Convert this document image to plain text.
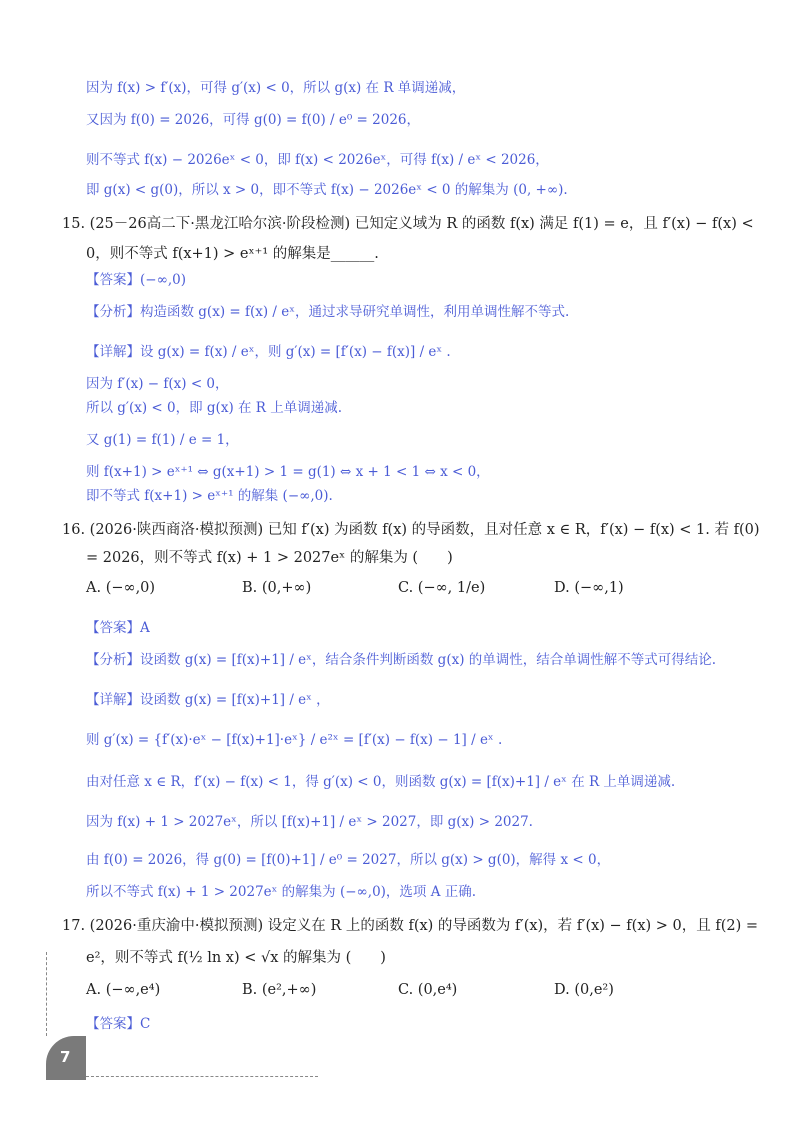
因为 f(x) > f′(x)，可得 g′(x) < 0，所以 g(x) 在 R 单调递减，
又因为 f(0) = 2026，可得 g(0) = f(0) / e⁰ = 2026，
则不等式 f(x) − 2026eˣ < 0，即 f(x) < 2026eˣ，可得 f(x) / eˣ < 2026，
即 g(x) < g(0)，所以 x > 0，即不等式 f(x) − 2026eˣ < 0 的解集为 (0, +∞).
15. (25－26高二下·黑龙江哈尔滨·阶段检测) 已知定义域为 R 的函数 f(x) 满足 f(1) = e，且 f′(x) − f(x) <
0，则不等式 f(x+1) > eˣ⁺¹ 的解集是______.
【答案】(−∞,0)
【分析】构造函数 g(x) = f(x) / eˣ，通过求导研究单调性，利用单调性解不等式.
【详解】设 g(x) = f(x) / eˣ，则 g′(x) = [f′(x) − f(x)] / eˣ .
因为 f′(x) − f(x) < 0，
所以 g′(x) < 0，即 g(x) 在 R 上单调递减.
又 g(1) = f(1) / e = 1，
则 f(x+1) > eˣ⁺¹ ⇔ g(x+1) > 1 = g(1) ⇔ x + 1 < 1 ⇔ x < 0，
即不等式 f(x+1) > eˣ⁺¹ 的解集 (−∞,0).
16. (2026·陕西商洛·模拟预测) 已知 f′(x) 为函数 f(x) 的导函数，且对任意 x ∈ R，f′(x) − f(x) < 1. 若 f(0)
= 2026，则不等式 f(x) + 1 > 2027eˣ 的解集为 (　　)
【答案】A
【分析】设函数 g(x) = [f(x)+1] / eˣ，结合条件判断函数 g(x) 的单调性，结合单调性解不等式可得结论.
【详解】设函数 g(x) = [f(x)+1] / eˣ ，
则 g′(x) = {f′(x)·eˣ − [f(x)+1]·eˣ} / e²ˣ = [f′(x) − f(x) − 1] / eˣ .
由对任意 x ∈ R，f′(x) − f(x) < 1，得 g′(x) < 0，则函数 g(x) = [f(x)+1] / eˣ 在 R 上单调递减.
因为 f(x) + 1 > 2027eˣ，所以 [f(x)+1] / eˣ > 2027，即 g(x) > 2027.
由 f(0) = 2026，得 g(0) = [f(0)+1] / e⁰ = 2027，所以 g(x) > g(0)，解得 x < 0，
所以不等式 f(x) + 1 > 2027eˣ 的解集为 (−∞,0)，选项 A 正确.
17. (2026·重庆渝中·模拟预测) 设定义在 R 上的函数 f(x) 的导函数为 f′(x)，若 f′(x) − f(x) > 0，且 f(2) =
e²，则不等式 f(½ ln x) < √x 的解集为 (　　)
【答案】C
A. (−∞,0)	B. (0,+∞)	C. (−∞, 1/e)	D. (−∞,1)
A. (−∞,e⁴)	B. (e²,+∞)	C. (0,e⁴)	D. (0,e²)
7
